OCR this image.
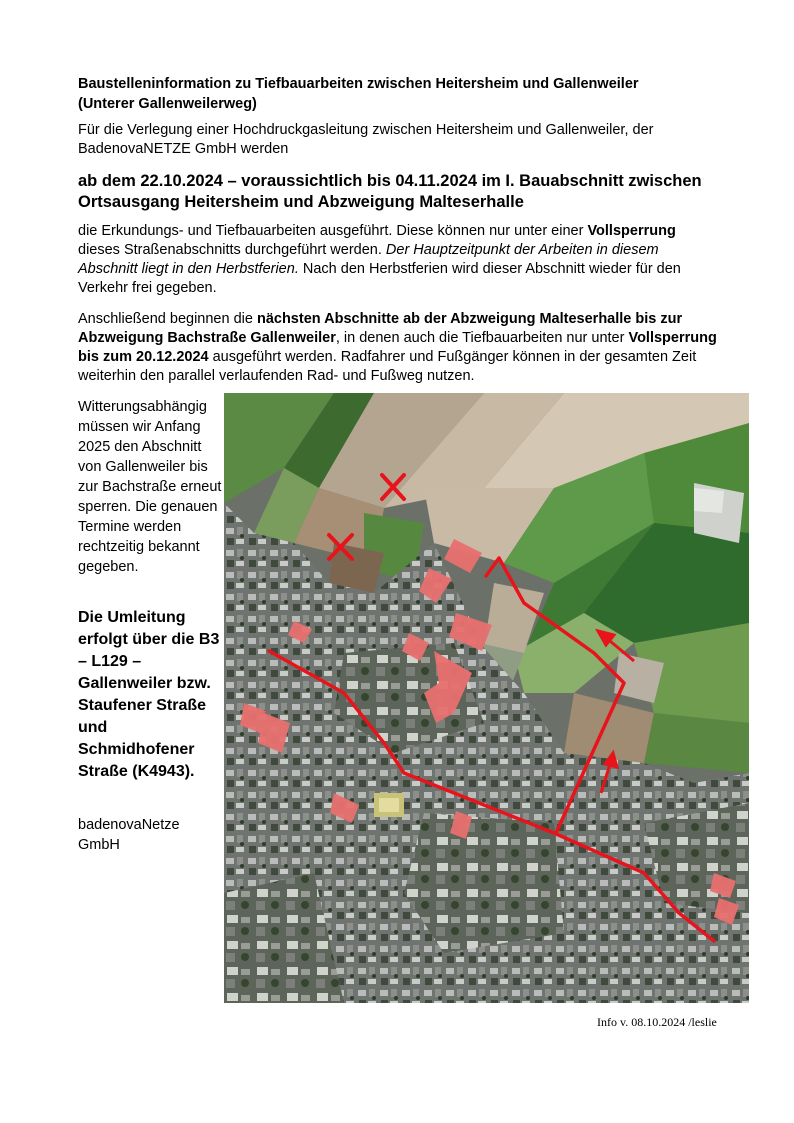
Baustelleninformation zu Tiefbauarbeiten zwischen Heitersheim und Gallenweiler
(Unterer Gallenweilerweg)
Für die Verlegung einer Hochdruckgasleitung zwischen Heitersheim und Gallenweiler, der BadenovaNETZE GmbH werden
ab dem 22.10.2024 – voraussichtlich bis 04.11.2024 im I. Bauabschnitt zwischen Ortsausgang Heitersheim und Abzweigung Malteserhalle
die Erkundungs- und Tiefbauarbeiten ausgeführt. Diese können nur unter einer Vollsperrung dieses Straßenabschnitts durchgeführt werden. Der Hauptzeitpunkt der Arbeiten in diesem Abschnitt liegt in den Herbstferien. Nach den Herbstferien wird dieser Abschnitt wieder für den Verkehr frei gegeben.
Anschließend beginnen die nächsten Abschnitte ab der Abzweigung Malteserhalle bis zur Abzweigung Bachstraße Gallenweiler, in denen auch die Tiefbauarbeiten nur unter Vollsperrung bis zum 20.12.2024 ausgeführt werden. Radfahrer und Fußgänger können in der gesamten Zeit weiterhin den parallel verlaufenden Rad- und Fußweg nutzen.
Witterungsabhängig müssen wir Anfang 2025 den Abschnitt von Gallenweiler bis zur Bachstraße erneut sperren. Die genauen Termine werden rechtzeitig bekannt gegeben.
Die Umleitung erfolgt über die B3 – L129 – Gallenweiler bzw. Staufener Straße und Schmidhofener Straße (K4943).
badenovaNetze
GmbH
Info v. 08.10.2024 /leslie
